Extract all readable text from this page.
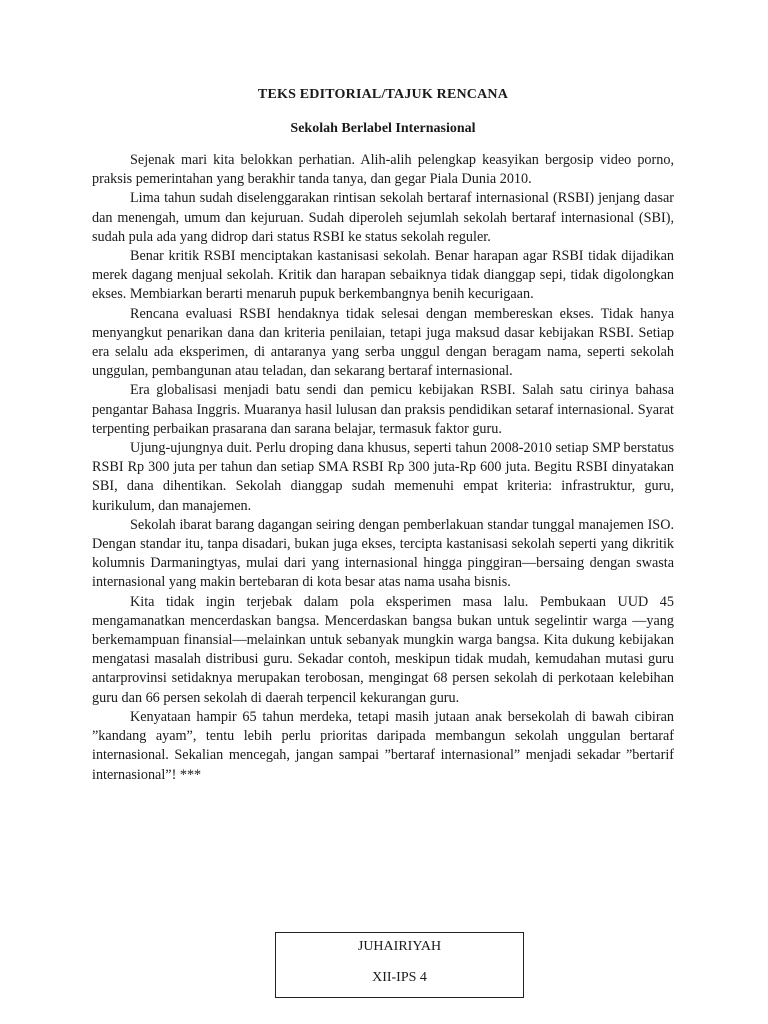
TEKS EDITORIAL/TAJUK RENCANA
Sekolah Berlabel Internasional

Sejenak mari kita belokkan perhatian. Alih-alih pelengkap keasyikan bergosip video porno, praksis pemerintahan yang berakhir tanda tanya, dan gegar Piala Dunia 2010.

Lima tahun sudah diselenggarakan rintisan sekolah bertaraf internasional (RSBI) jenjang dasar dan menengah, umum dan kejuruan. Sudah diperoleh sejumlah sekolah bertaraf internasional (SBI), sudah pula ada yang didrop dari status RSBI ke status sekolah reguler.

Benar kritik RSBI menciptakan kastanisasi sekolah. Benar harapan agar RSBI tidak dijadikan merek dagang menjual sekolah. Kritik dan harapan sebaiknya tidak dianggap sepi, tidak digolongkan ekses. Membiarkan berarti menaruh pupuk berkembangnya benih kecurigaan.

Rencana evaluasi RSBI hendaknya tidak selesai dengan membereskan ekses. Tidak hanya menyangkut penarikan dana dan kriteria penilaian, tetapi juga maksud dasar kebijakan RSBI. Setiap era selalu ada eksperimen, di antaranya yang serba unggul dengan beragam nama, seperti sekolah unggulan, pembangunan atau teladan, dan sekarang bertaraf internasional.

Era globalisasi menjadi batu sendi dan pemicu kebijakan RSBI. Salah satu cirinya bahasa pengantar Bahasa Inggris. Muaranya hasil lulusan dan praksis pendidikan setaraf internasional. Syarat terpenting perbaikan prasarana dan sarana belajar, termasuk faktor guru.

Ujung-ujungnya duit. Perlu droping dana khusus, seperti tahun 2008-2010 setiap SMP berstatus RSBI Rp 300 juta per tahun dan setiap SMA RSBI Rp 300 juta-Rp 600 juta. Begitu RSBI dinyatakan SBI, dana dihentikan. Sekolah dianggap sudah memenuhi empat kriteria: infrastruktur, guru, kurikulum, dan manajemen.

Sekolah ibarat barang dagangan seiring dengan pemberlakuan standar tunggal manajemen ISO. Dengan standar itu, tanpa disadari, bukan juga ekses, tercipta kastanisasi sekolah seperti yang dikritik kolumnis Darmaningtyas, mulai dari yang internasional hingga pinggiran—bersaing dengan swasta internasional yang makin bertebaran di kota besar atas nama usaha bisnis.

Kita tidak ingin terjebak dalam pola eksperimen masa lalu. Pembukaan UUD 45 mengamanatkan mencerdaskan bangsa. Mencerdaskan bangsa bukan untuk segelintir warga —yang berkemampuan finansial—melainkan untuk sebanyak mungkin warga bangsa. Kita dukung kebijakan mengatasi masalah distribusi guru. Sekadar contoh, meskipun tidak mudah, kemudahan mutasi guru antarprovinsi setidaknya merupakan terobosan, mengingat 68 persen sekolah di perkotaan kelebihan guru dan 66 persen sekolah di daerah terpencil kekurangan guru.

Kenyataan hampir 65 tahun merdeka, tetapi masih jutaan anak bersekolah di bawah cibiran ”kandang ayam”, tentu lebih perlu prioritas daripada membangun sekolah unggulan bertaraf internasional. Sekalian mencegah, jangan sampai ”bertaraf internasional” menjadi sekadar ”bertarif internasional”! ***

JUHAIRIYAH
XII-IPS 4
